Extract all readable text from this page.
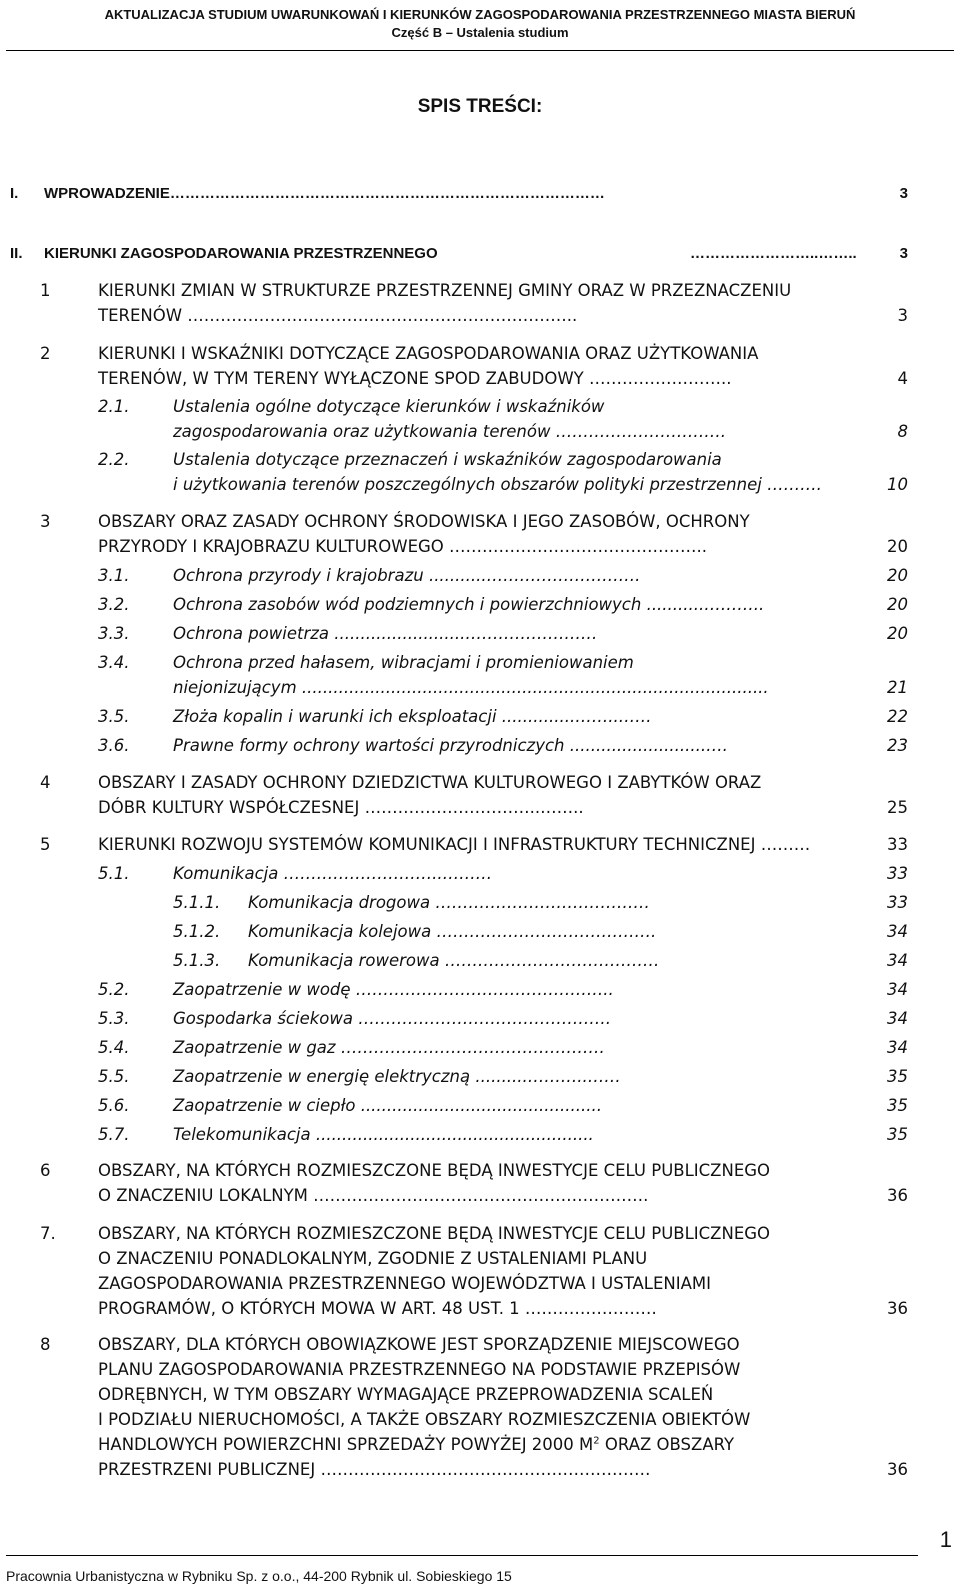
AKTUALIZACJA STUDIUM UWARUNKOWAŃ I KIERUNKÓW ZAGOSPODAROWANIA PRZESTRZENNEGO MIASTA BIERUŃ
Część B – Ustalenia studium
SPIS TREŚCI:
I. WPROWADZENIE……………………………………………………………………………	3
II. KIERUNKI ZAGOSPODAROWANIA PRZESTRZENNEGO	……………………..……..	3
1	KIERUNKI ZMIAN W STRUKTURZE PRZESTRZENNEJ GMINY ORAZ W PRZEZNACZENIU
TERENÓW ……………………………………………………………..	3
2	KIERUNKI I WSKAŹNIKI DOTYCZĄCE ZAGOSPODAROWANIA ORAZ UŻYTKOWANIA
TERENÓW, W TYM TERENY WYŁĄCZONE SPOD ZABUDOWY ……………………..	4
2.1.	Ustalenia ogólne dotyczące kierunków i wskaźników
zagospodarowania oraz użytkowania terenów ………………………….	8
2.2.	Ustalenia dotyczące przeznaczeń i wskaźników zagospodarowania
i użytkowania terenów poszczególnych obszarów polityki przestrzennej ……….	10
3	OBSZARY ORAZ ZASADY OCHRONY ŚRODOWISKA I JEGO ZASOBÓW, OCHRONY
PRZYRODY I KRAJOBRAZU KULTUROWEGO ………………………………………..	20
3.1.	Ochrona przyrody i krajobrazu ...........……………………….	20
3.2.	Ochrona zasobów wód podziemnych i powierzchniowych ...........………..	20
3.3.	Ochrona powietrza .........................……………………	20
3.4.	Ochrona przed hałasem, wibracjami i promieniowaniem
niejonizującym .........................................................................................	21
3.5.	Złoża kopalin i warunki ich eksploatacji ..............……..……	22
3.6.	Prawne formy ochrony wartości przyrodniczych ..........................….	23
4	OBSZARY I ZASADY OCHRONY DZIEDZICTWA KULTUROWEGO I ZABYTKÓW ORAZ
DÓBR KULTURY WSPÓŁCZESNEJ …………………………..……..	25
5	KIERUNKI ROZWOJU SYSTEMÓW KOMUNIKACJI I INFRASTRUKTURY TECHNICZNEJ ………	33
5.1.	Komunikacja ………………………..………	33
5.1.1. Komunikacja drogowa …………………………………	33
5.1.2. Komunikacja kolejowa ………………………………….	34
5.1.3. Komunikacja rowerowa …………………………………	34
5.2.	Zaopatrzenie w wodę ………………………………………..	34
5.3.	Gospodarka ściekowa ……………………………………….	34
5.4.	Zaopatrzenie w gaz …………………………………………	34
5.5.	Zaopatrzenie w energię elektryczną ..........………..……	35
5.6.	Zaopatrzenie w ciepło ..............................................	35
5.7.	Telekomunikacja .....................................................	35
6	OBSZARY, NA KTÓRYCH ROZMIESZCZONE BĘDĄ INWESTYCJE CELU PUBLICZNEGO
O ZNACZENIU LOKALNYM …………………………………………………….	36
7.	OBSZARY, NA KTÓRYCH ROZMIESZCZONE BĘDĄ INWESTYCJE CELU PUBLICZNEGO
O ZNACZENIU PONADLOKALNYM, ZGODNIE Z USTALENIAMI PLANU
ZAGOSPODAROWANIA PRZESTRZENNEGO WOJEWÓDZTWA I USTALENIAMI
PROGRAMÓW, O KTÓRYCH MOWA W ART. 48 UST. 1 ……………………	36
8	OBSZARY, DLA KTÓRYCH OBOWIĄZKOWE JEST SPORZĄDZENIE MIEJSCOWEGO
PLANU ZAGOSPODAROWANIA PRZESTRZENNEGO NA PODSTAWIE PRZEPISÓW
ODRĘBNYCH, W TYM OBSZARY WYMAGAJĄCE PRZEPROWADZENIA SCALEŃ
I PODZIAŁU NIERUCHOMOŚCI, A TAKŻE OBSZARY ROZMIESZCZENIA OBIEKTÓW
HANDLOWYCH POWIERZCHNI SPRZEDAŻY POWYŻEJ 2000 $M^2$ ORAZ OBSZARY
PRZESTRZENI PUBLICZNEJ ……………………………………………………	36
1
Pracownia Urbanistyczna w Rybniku Sp. z o.o., 44-200 Rybnik ul. Sobieskiego 15
